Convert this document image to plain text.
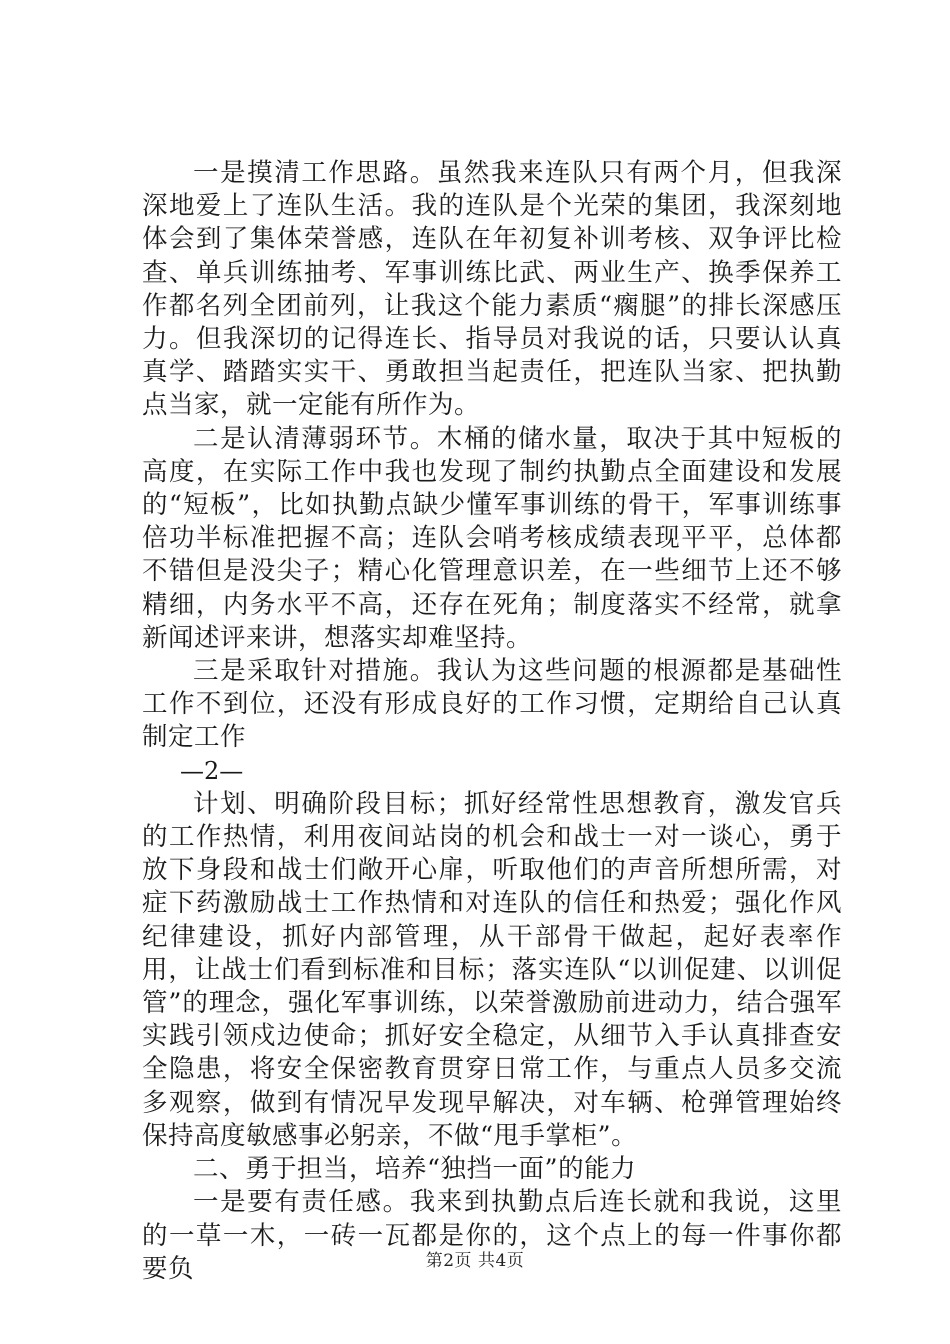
一是摸清工作思路。虽然我来连队只有两个月，但我深深地爱上了连队生活。我的连队是个光荣的集团，我深刻地体会到了集体荣誉感，连队在年初复补训考核、双争评比检查、单兵训练抽考、军事训练比武、两业生产、换季保养工作都名列全团前列，让我这个能力素质“瘸腿”的排长深感压力。但我深切的记得连长、指导员对我说的话，只要认认真真学、踏踏实实干、勇敢担当起责任，把连队当家、把执勤点当家，就一定能有所作为。

二是认清薄弱环节。木桶的储水量，取决于其中短板的高度，在实际工作中我也发现了制约执勤点全面建设和发展的“短板”，比如执勤点缺少懂军事训练的骨干，军事训练事倍功半标准把握不高；连队会哨考核成绩表现平平，总体都不错但是没尖子；精心化管理意识差，在一些细节上还不够精细，内务水平不高，还存在死角；制度落实不经常，就拿新闻述评来讲，想落实却难坚持。

三是采取针对措施。我认为这些问题的根源都是基础性工作不到位，还没有形成良好的工作习惯，定期给自己认真制定工作

—2—

计划、明确阶段目标；抓好经常性思想教育，激发官兵的工作热情，利用夜间站岗的机会和战士一对一谈心，勇于放下身段和战士们敞开心扉，听取他们的声音所想所需，对症下药激励战士工作热情和对连队的信任和热爱；强化作风纪律建设，抓好内部管理，从干部骨干做起，起好表率作用，让战士们看到标准和目标；落实连队“以训促建、以训促管”的理念，强化军事训练，以荣誉激励前进动力，结合强军实践引领戍边使命；抓好安全稳定，从细节入手认真排查安全隐患，将安全保密教育贯穿日常工作，与重点人员多交流多观察，做到有情况早发现早解决，对车辆、枪弹管理始终保持高度敏感事必躬亲，不做“甩手掌柜”。

二、勇于担当，培养“独挡一面”的能力

一是要有责任感。我来到执勤点后连长就和我说，这里的一草一木，一砖一瓦都是你的，这个点上的每一件事你都要负	第2页 共4页
